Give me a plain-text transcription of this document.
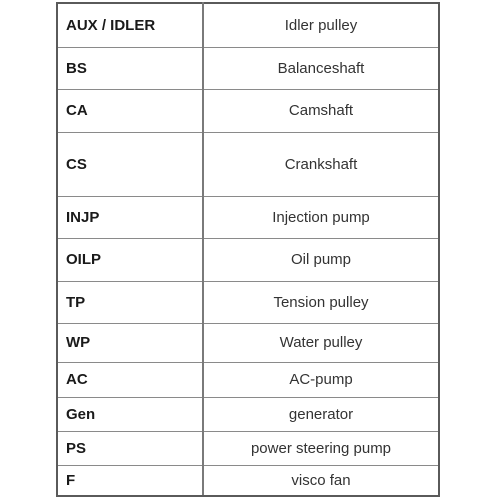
AUX / IDLER	Idler pulley
BS	Balanceshaft
CA	Camshaft
CS	Crankshaft
INJP	Injection pump
OILP	Oil pump
TP	Tension pulley
WP	Water pulley
AC	AC-pump
Gen	generator
PS	power steering pump
F	visco fan
